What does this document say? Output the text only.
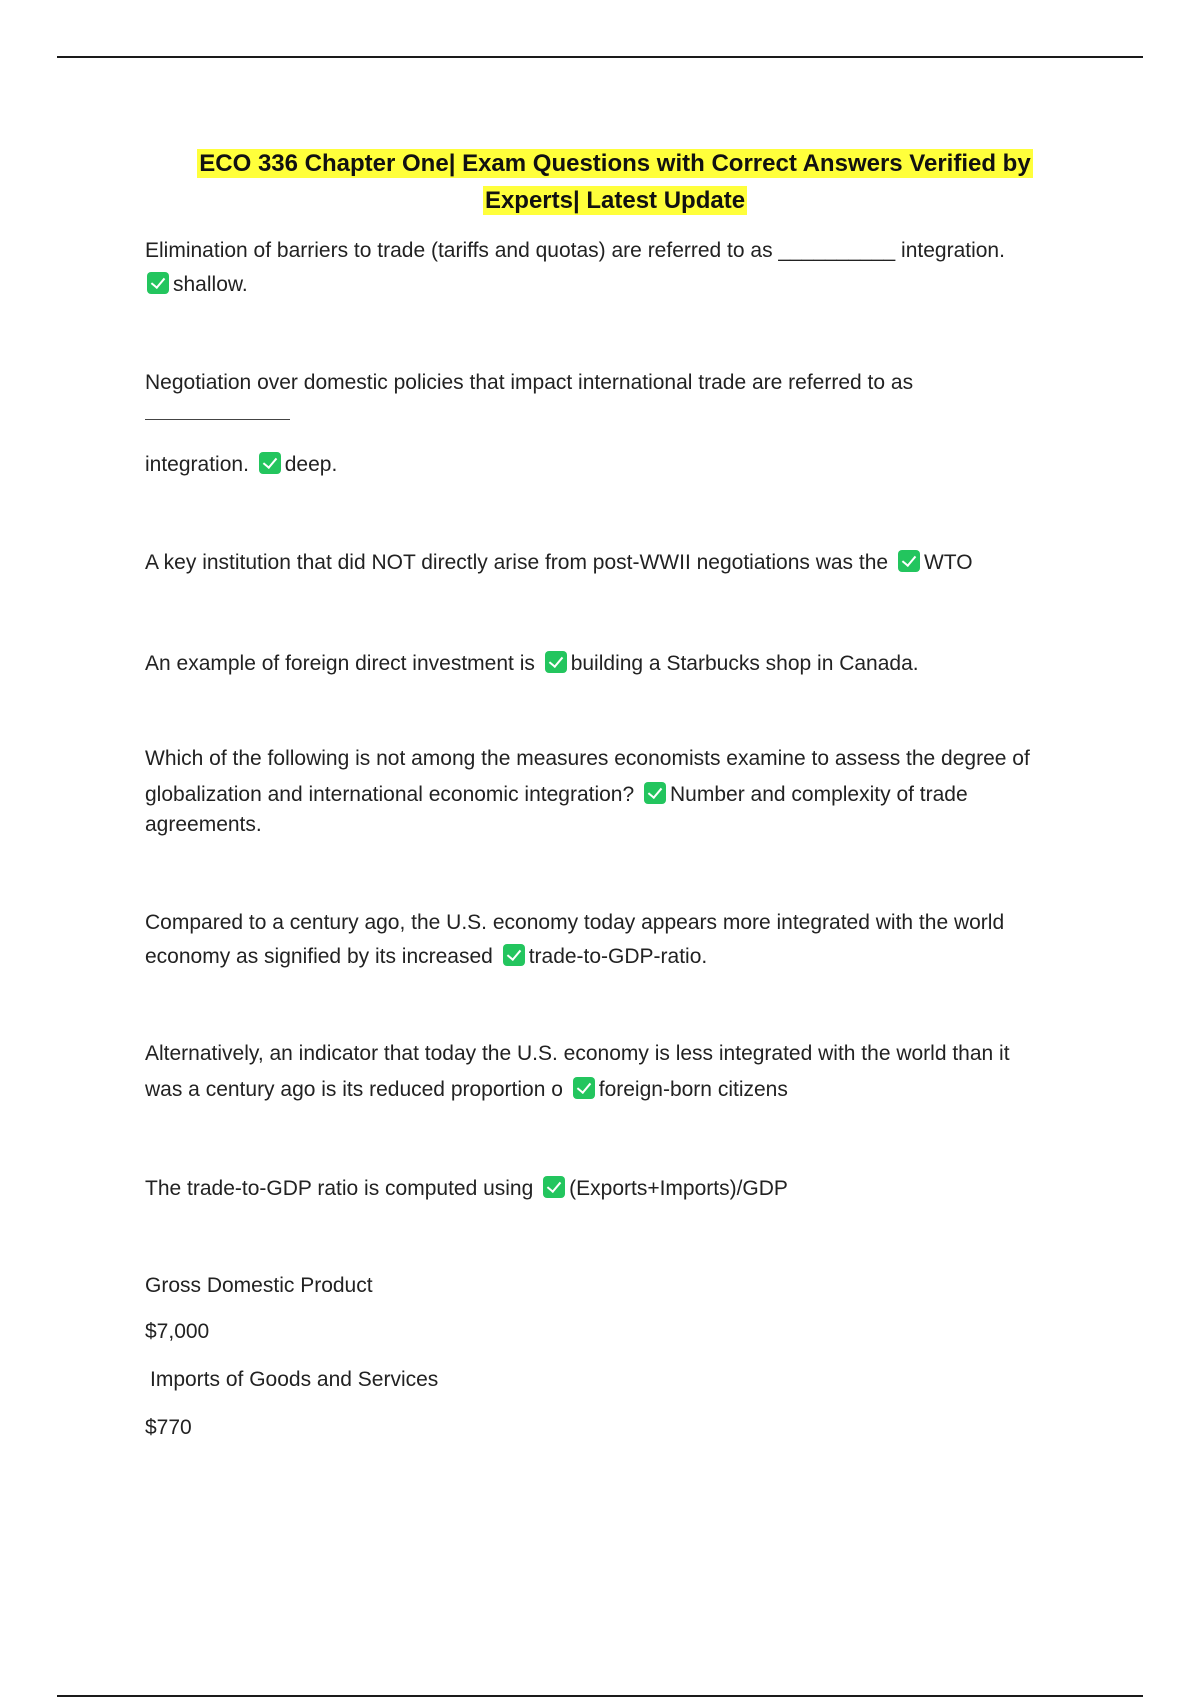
ECO 336 Chapter One| Exam Questions with Correct Answers Verified by
Experts| Latest Update
Elimination of barriers to trade (tariffs and quotas) are referred to as __________ integration.
shallow.
Negotiation over domestic policies that impact international trade are referred to as
integration. deep.
A key institution that did NOT directly arise from post-WWII negotiations was the WTO
An example of foreign direct investment is building a Starbucks shop in Canada.
Which of the following is not among the measures economists examine to assess the degree of
globalization and international economic integration? Number and complexity of trade
agreements.
Compared to a century ago, the U.S. economy today appears more integrated with the world
economy as signified by its increased trade-to-GDP-ratio.
Alternatively, an indicator that today the U.S. economy is less integrated with the world than it
was a century ago is its reduced proportion o foreign-born citizens
The trade-to-GDP ratio is computed using (Exports+Imports)/GDP
Gross Domestic Product
$7,000
Imports of Goods and Services
$770
